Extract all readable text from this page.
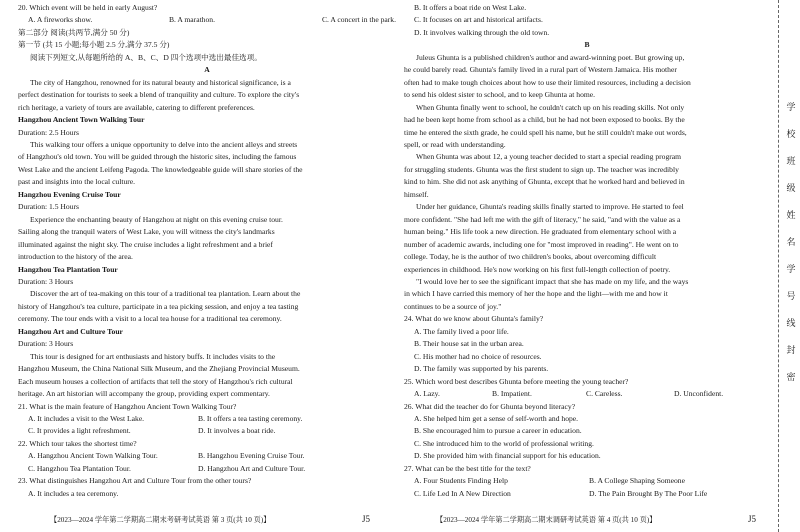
20. Which event will be held in early August?

A. A fireworks show.	B. A marathon.	C. A concert in the park.

第二部分 阅读(共两节,满分 50 分)

第一节 (共 15 小题;每小题 2.5 分,满分 37.5 分)

阅读下列短文,从每题所给的 A、B、C、D 四个选项中选出最佳选项。

A

The city of Hangzhou, renowned for its natural beauty and historical significance, is a

perfect destination for tourists to seek a blend of tranquility and culture. To explore the city's

rich heritage, a variety of tours are available, catering to different preferences.

Hangzhou Ancient Town Walking Tour

Duration: 2.5 Hours

This walking tour offers a unique opportunity to delve into the ancient alleys and streets

of Hangzhou's old town. You will be guided through the historic sites, including the famous

West Lake and the ancient Leifeng Pagoda. The knowledgeable guide will share stories of the

past and insights into the local culture.

Hangzhou Evening Cruise Tour

Duration: 1.5 Hours

Experience the enchanting beauty of Hangzhou at night on this evening cruise tour.

Sailing along the tranquil waters of West Lake, you will witness the city's landmarks

illuminated against the night sky. The cruise includes a light refreshment and a brief

introduction to the history of the area.

Hangzhou Tea Plantation Tour

Duration: 3 Hours

Discover the art of tea-making on this tour of a traditional tea plantation. Learn about the

history of Hangzhou's tea culture, participate in a tea picking session, and enjoy a tea tasting

ceremony. The tour ends with a visit to a local tea house for a traditional tea ceremony.

Hangzhou Art and Culture Tour

Duration: 3 Hours

This tour is designed for art enthusiasts and history buffs. It includes visits to the

Hangzhou Museum, the China National Silk Museum, and the Zhejiang Provincial Museum.

Each museum houses a collection of artifacts that tell the story of Hangzhou's rich cultural

heritage. An art historian will accompany the group, providing expert commentary.

21. What is the main feature of Hangzhou Ancient Town Walking Tour?

A. It includes a visit to the West Lake.	B. It offers a tea tasting ceremony.

C. It provides a light refreshment.	D. It involves a boat ride.

22. Which tour takes the shortest time?

A. Hangzhou Ancient Town Walking Tour.	B. Hangzhou Evening Cruise Tour.

C. Hangzhou Tea Plantation Tour.	D. Hangzhou Art and Culture Tour.

23. What distinguishes Hangzhou Art and Culture Tour from the other tours?

A. It includes a tea ceremony.

【2023—2024 学年第二学期高二期末考研考试英语 第 3 页(共 10 页)】	J5

B. It offers a boat ride on West Lake.

C. It focuses on art and historical artifacts.

D. It involves walking through the old town.

B

Juleus Ghunta is a published children's author and award-winning poet. But growing up,

he could barely read. Ghunta's family lived in a rural part of Western Jamaica. His mother

often had to make tough choices about how to use their limited resources, including a decision

to send his oldest sister to school, and to keep Ghunta at home.

When Ghunta finally went to school, he couldn't catch up on his reading skills. Not only

had he been kept home from school as a child, but he had not been exposed to books. By the

time he entered the sixth grade, he could spell his name, but he still couldn't make out words,

spell, or read with understanding.

When Ghunta was about 12, a young teacher decided to start a special reading program

for struggling students. Ghunta was the first student to sign up. The teacher was incredibly

kind to him. She did not ask anything of Ghunta, except that he worked hard and believed in

himself.

Under her guidance, Ghunta's reading skills finally started to improve. He started to feel

more confident. "She had left me with the gift of literacy," he said, "and with the value as a

human being." His life took a new direction. He graduated from elementary school with a

number of academic awards, including one for "most improved in reading". He went on to

college. Today, he is the author of two children's books, about overcoming difficult

experiences in childhood. He's now working on his first full-length collection of poetry.

"I would love her to see the significant impact that she has made on my life, and the ways

in which I have carried this memory of her the hope and the light—with me and how it

continues to be a source of joy."

24. What do we know about Ghunta's family?

A. The family lived a poor life.

B. Their house sat in the urban area.

C. His mother had no choice of resources.

D. The family was supported by his parents.

25. Which word best describes Ghunta before meeting the young teacher?

A. Lazy.	B. Impatient.	C. Careless.	D. Unconfident.

26. What did the teacher do for Ghunta beyond literacy?

A. She helped him get a sense of self-worth and hope.

B. She encouraged him to pursue a career in education.

C. She introduced him to the world of professional writing.

D. She provided him with financial support for his education.

27. What can be the best title for the text?

A. Four Students Finding Help	B. A College Shaping Someone

C. Life Led In A New Direction	D. The Pain Brought By The Poor Life

【2023—2024 学年第二学期高二期末调研考试英语 第 4 页(共 10 页)】	J5
学
校
班
级
姓
名
学
号
线
封
密
